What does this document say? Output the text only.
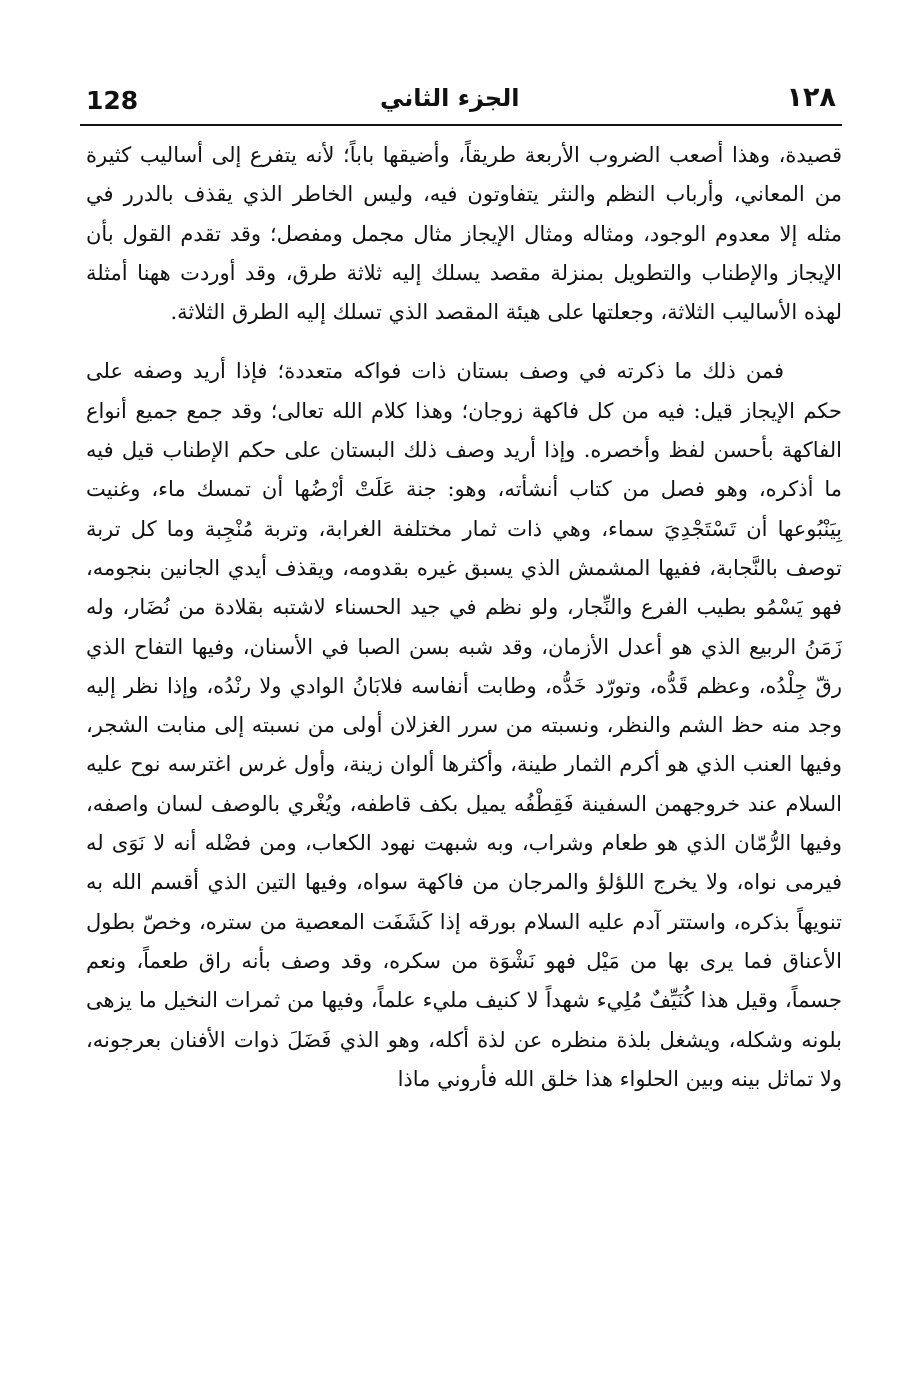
128	الجزء الثاني	١٢٨

قصيدة، وهذا أصعب الضروب الأربعة طريقاً، وأضيقها باباً؛ لأنه يتفرع إلى أساليب كثيرة من المعاني، وأرباب النظم والنثر يتفاوتون فيه، وليس الخاطر الذي يقذف بالدرر في مثله إلا معدوم الوجود، ومثاله ومثال الإيجاز مثال مجمل ومفصل؛ وقد تقدم القول بأن الإيجاز والإطناب والتطويل بمنزلة مقصد يسلك إليه ثلاثة طرق، وقد أوردت ههنا أمثلة لهذه الأساليب الثلاثة، وجعلتها على هيئة المقصد الذي تسلك إليه الطرق الثلاثة.

فمن ذلك ما ذكرته في وصف بستان ذات فواكه متعددة؛ فإذا أريد وصفه على حكم الإيجاز قيل: فيه من كل فاكهة زوجان؛ وهذا كلام الله تعالى؛ وقد جمع جميع أنواع الفاكهة بأحسن لفظ وأخصره. وإذا أريد وصف ذلك البستان على حكم الإطناب قيل فيه ما أذكره، وهو فصل من كتاب أنشأته، وهو: جنة عَلَتْ أرْضُها أن تمسك ماء، وغنيت بِيَنْبُوعها أن تَسْتَجْدِيَ سماء، وهي ذات ثمار مختلفة الغرابة، وتربة مُنْجِبة وما كل تربة توصف بالنَّجابة، ففيها المشمش الذي يسبق غيره بقدومه، ويقذف أيدي الجانين بنجومه، فهو يَسْمُو بطيب الفرع والنِّجار، ولو نظم في جيد الحسناء لاشتبه بقلادة من نُضَار، وله زَمَنُ الربيع الذي هو أعدل الأزمان، وقد شبه بسن الصبا في الأسنان، وفيها التفاح الذي رقّ جِلْدُه، وعظم قَدُّه، وتورّد خَدُّه، وطابت أنفاسه فلابَانُ الوادي ولا رنْدُه، وإذا نظر إليه وجد منه حظ الشم والنظر، ونسبته من سرر الغزلان أولى من نسبته إلى منابت الشجر، وفيها العنب الذي هو أكرم الثمار طينة، وأكثرها ألوان زينة، وأول غرس اغترسه نوح عليه السلام عند خروجهمن السفينة فَقِطْفُه يميل بكف قاطفه، ويُغْري بالوصف لسان واصفه، وفيها الرُّمّان الذي هو طعام وشراب، وبه شبهت نهود الكعاب، ومن فضْله أنه لا نَوَى له فيرمى نواه، ولا يخرج اللؤلؤ والمرجان من فاكهة سواه، وفيها التين الذي أقسم الله به تنويهاً بذكره، واستتر آدم عليه السلام بورقه إذا كَشَفَت المعصية من ستره، وخصّ بطول الأعناق فما يرى بها من مَيْل فهو نَشْوَة من سكره، وقد وصف بأنه راق طعماً، ونعم جسماً، وقيل هذا كُنَيِّفٌ مُلِيء شهداً لا كنيف مليء علماً، وفيها من ثمرات النخيل ما يزهى بلونه وشكله، ويشغل بلذة منظره عن لذة أكله، وهو الذي فَضَلَ ذوات الأفنان بعرجونه، ولا تماثل بينه وبين الحلواء هذا خلق الله فأروني ماذا
